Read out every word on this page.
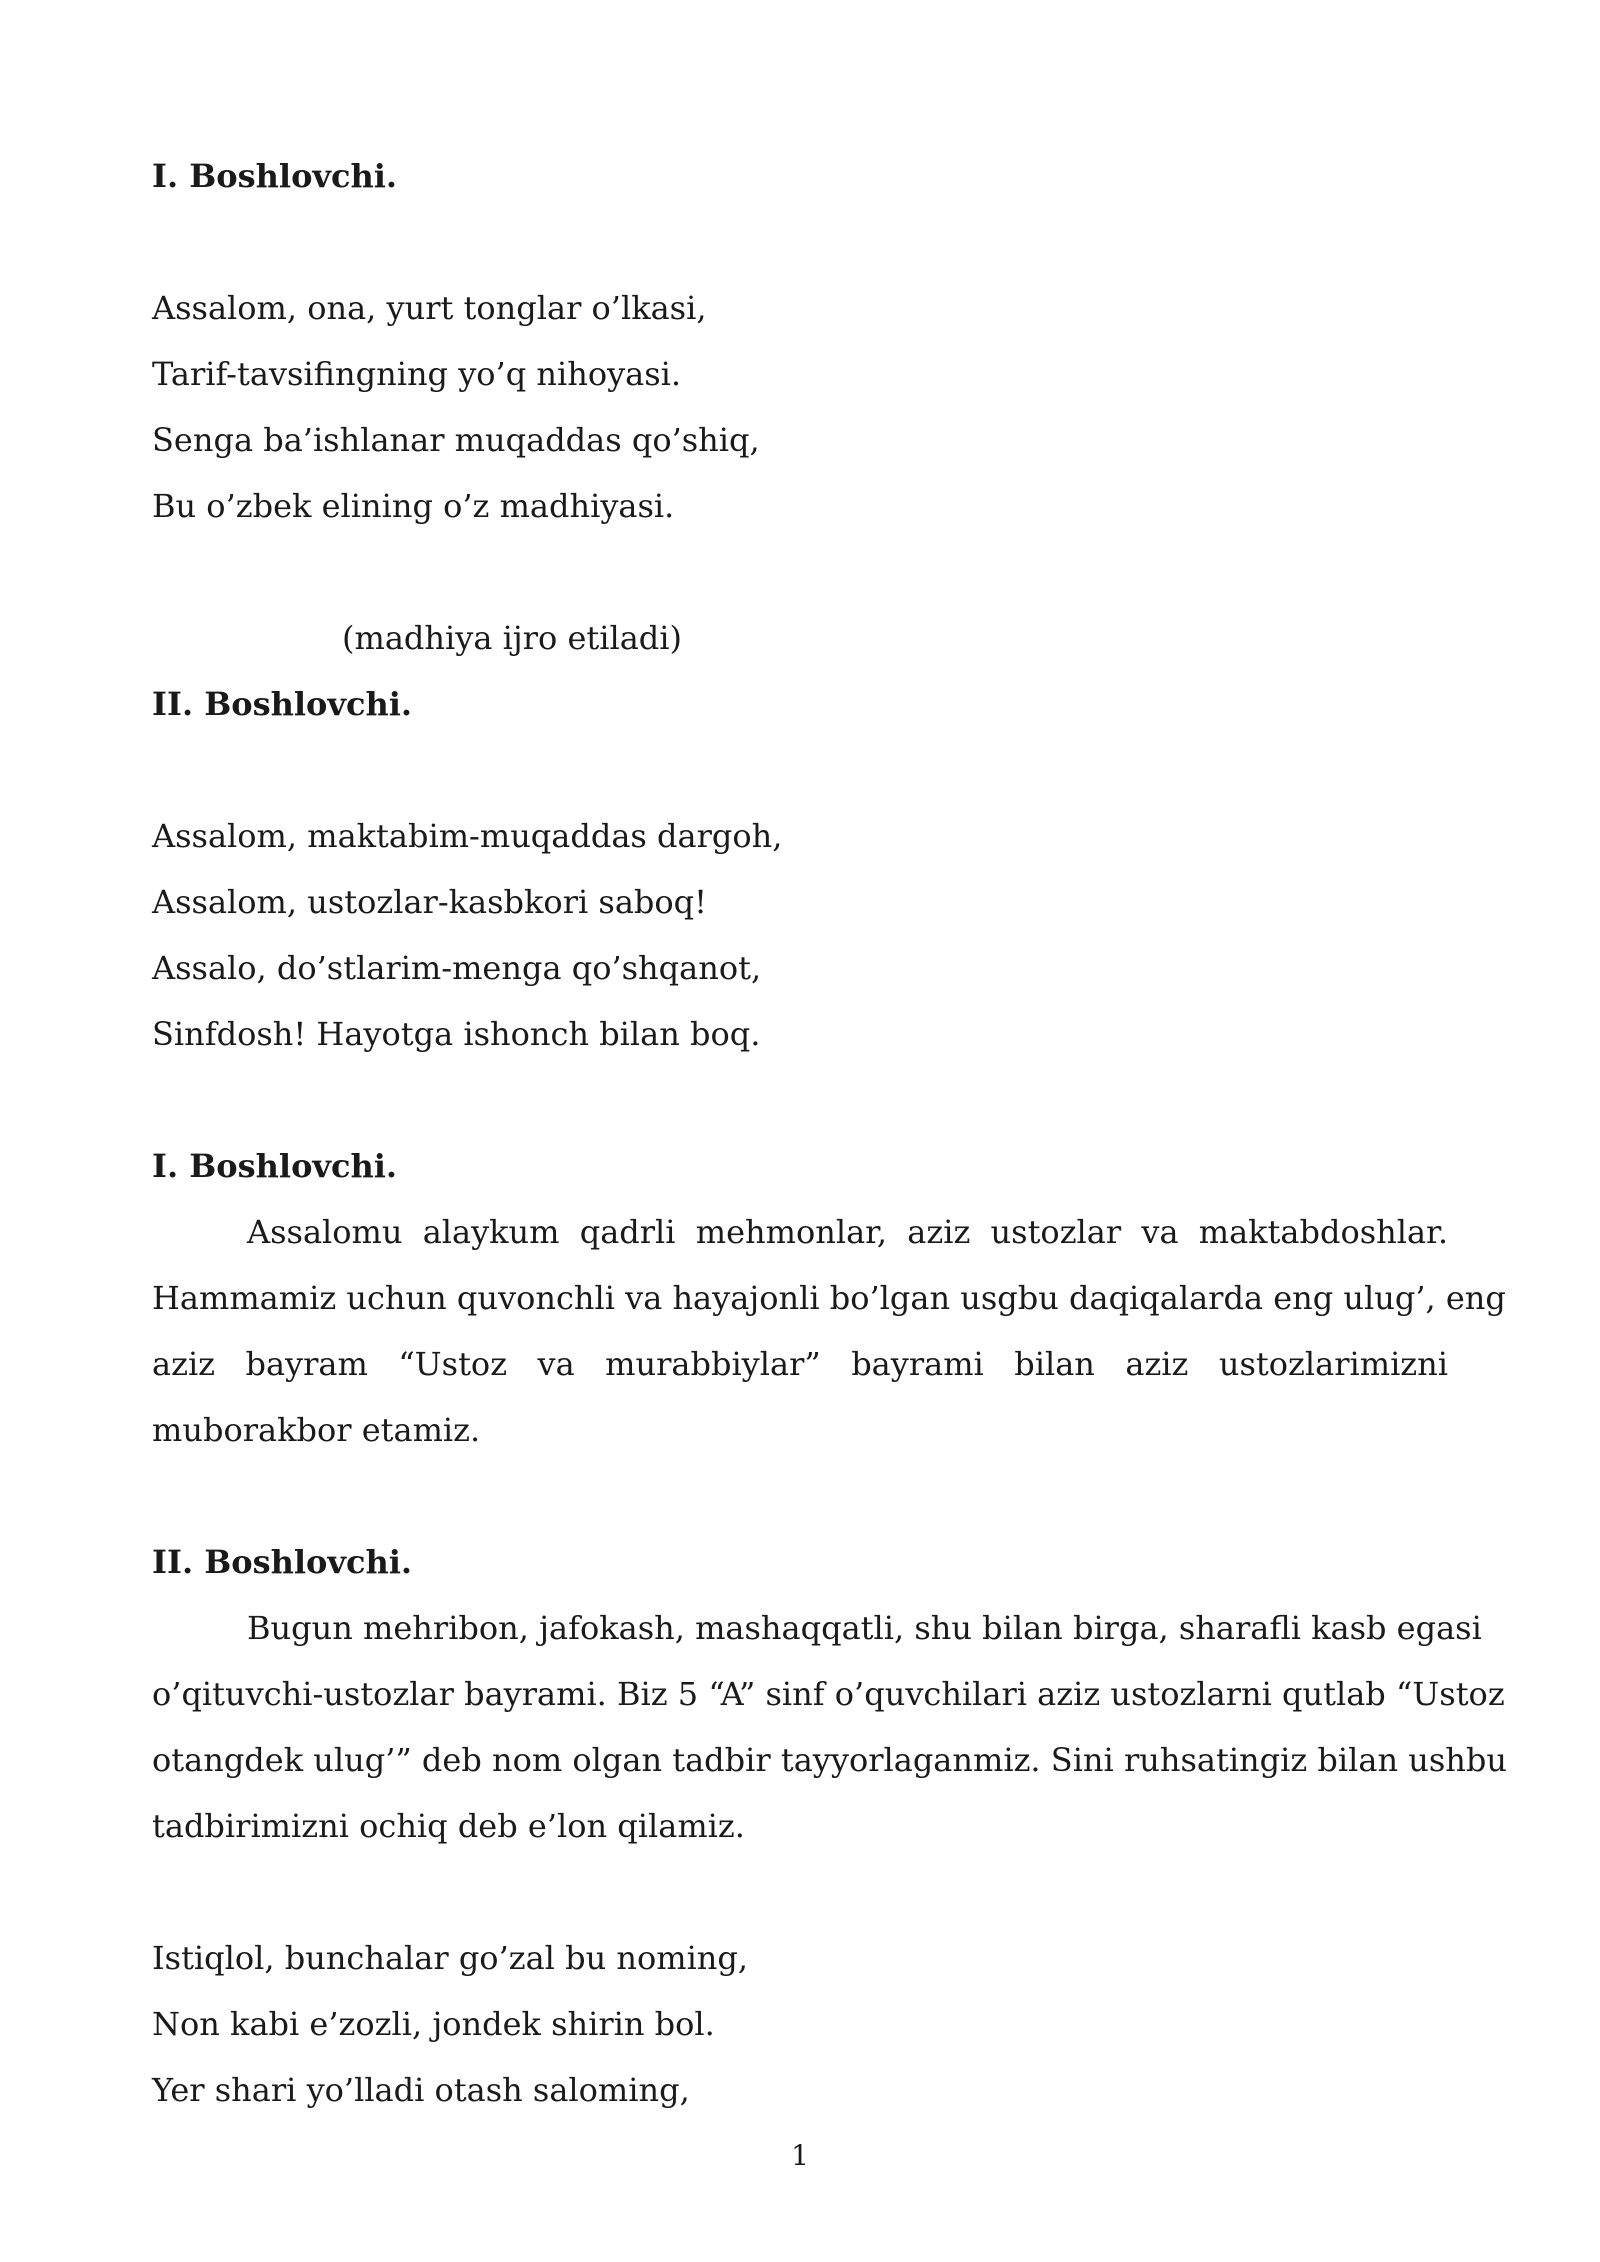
I. Boshlovchi.
Assalom, ona, yurt tonglar o’lkasi,
Tarif-tavsifingning yo’q nihoyasi.
Senga ba’ishlanar muqaddas qo’shiq,
Bu o’zbek elining o’z madhiyasi.
(madhiya ijro etiladi)
II. Boshlovchi.
Assalom, maktabim-muqaddas dargoh,
Assalom, ustozlar-kasbkori saboq!
Assalo, do’stlarim-menga qo’shqanot,
Sinfdosh! Hayotga ishonch bilan boq.
I. Boshlovchi.
Assalomu alaykum qadrli mehmonlar, aziz ustozlar va maktabdoshlar.
Hammamiz uchun quvonchli va hayajonli bo’lgan usgbu daqiqalarda eng ulug’, eng
aziz bayram “Ustoz va murabbiylar” bayrami bilan aziz ustozlarimizni
muborakbor etamiz.
II. Boshlovchi.
Bugun mehribon, jafokash, mashaqqatli, shu bilan birga, sharafli kasb egasi
o’qituvchi-ustozlar bayrami. Biz 5 “A” sinf o’quvchilari aziz ustozlarni qutlab “Ustoz
otangdek ulug’” deb nom olgan tadbir tayyorlaganmiz. Sini ruhsatingiz bilan ushbu
tadbirimizni ochiq deb e’lon qilamiz.
Istiqlol, bunchalar go’zal bu noming,
Non kabi e’zozli, jondek shirin bol.
Yer shari yo’lladi otash saloming,
1
